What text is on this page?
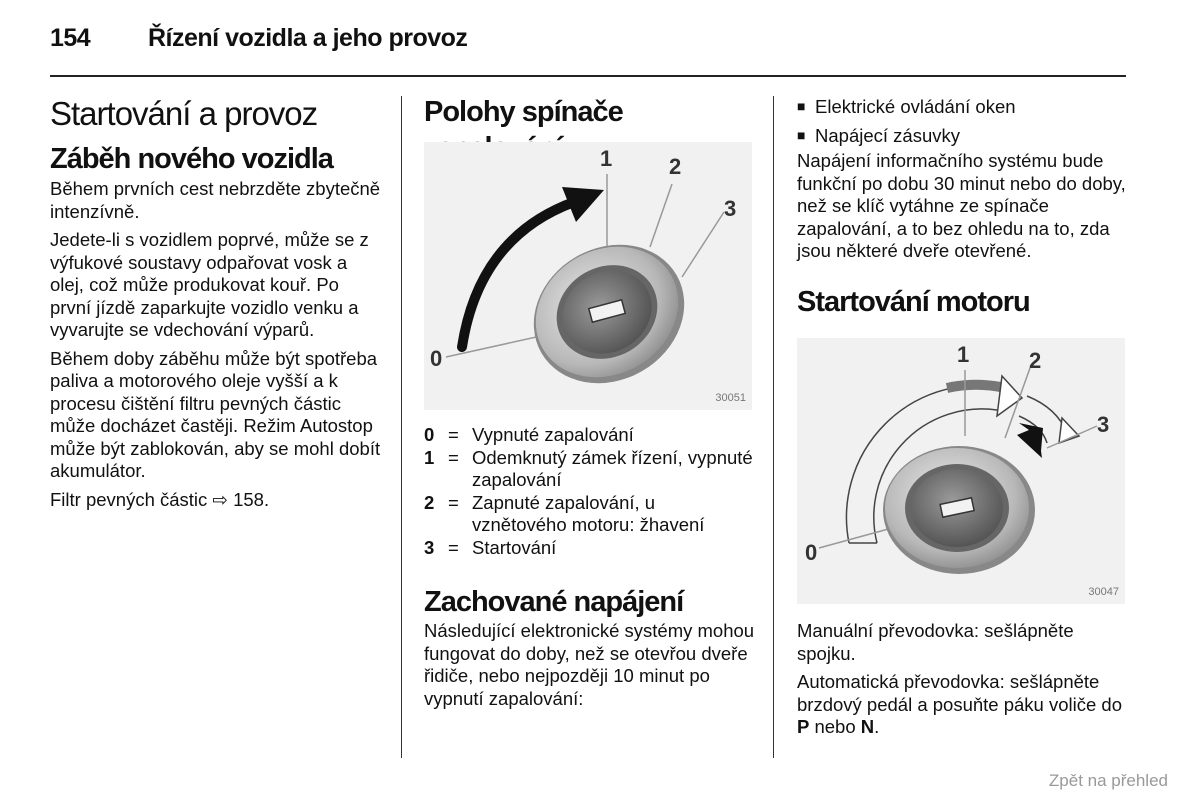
154 Řízení vozidla a jeho provoz
Startování a provoz
Záběh nového vozidla

Během prvních cest nebrzděte zbytečně intenzívně.

Jedete-li s vozidlem poprvé, může se z výfukové soustavy odpařovat vosk a olej, což může produkovat kouř. Po první jízdě zaparkujte vozidlo venku a vyvarujte se vdechování výparů.

Během doby záběhu může být spotřeba paliva a motorového oleje vyšší a k procesu čištění filtru pevných částic může docházet častěji. Režim Autostop může být zablokován, aby se mohl dobít akumulátor.

Filtr pevných částic ⇨ 158.

Polohy spínače
0
1	2
3
30051
0 = Vypnuté zapalování
1 = Odemknutý zámek řízení, vypnuté zapalování
2 = Zapnuté zapalování, u vznětového motoru: žhavení
3 = Startování
Zachované napájení

Následující elektronické systémy mohou fungovat do doby, než se otevřou dveře řidiče, nebo nejpozději 10 minut po vypnutí zapalování:

■ Elektrické ovládání oken
■ Napájecí zásuvky

Napájení informačního systému bude funkční po dobu 30 minut nebo do doby, než se klíč vytáhne ze spínače zapalování, a to bez ohledu na to, zda jsou některé dveře otevřené.

Startování motoru
0
1	2
3
30047

Manuální převodovka: sešlápněte spojku.

Automatická převodovka: sešlápněte brzdový pedál a posuňte páku voliče do P nebo N.

Zpět na přehled
